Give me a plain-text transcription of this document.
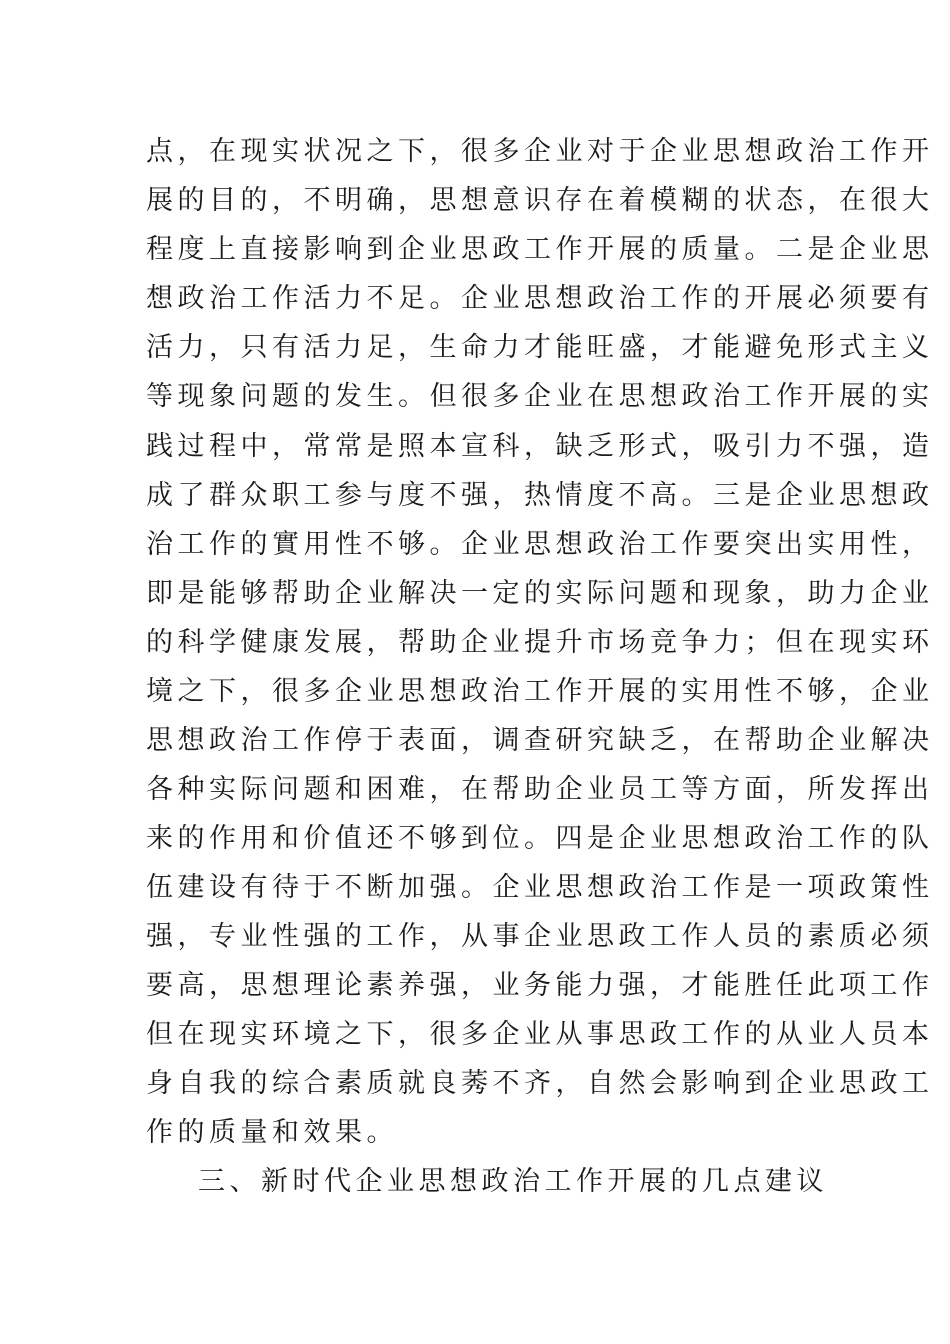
点，在现实状况之下，很多企业对于企业思想政治工作开
展的目的，不明确，思想意识存在着模糊的状态，在很大
程度上直接影响到企业思政工作开展的质量。二是企业思
想政治工作活力不足。企业思想政治工作的开展必须要有
活力，只有活力足，生命力才能旺盛，才能避免形式主义
等现象问题的发生。但很多企业在思想政治工作开展的实
践过程中，常常是照本宣科，缺乏形式，吸引力不强，造
成了群众职工参与度不强，热情度不高。三是企业思想政
治工作的實用性不够。企业思想政治工作要突出实用性，
即是能够帮助企业解决一定的实际问题和现象，助力企业
的科学健康发展，帮助企业提升市场竞争力；但在现实环
境之下，很多企业思想政治工作开展的实用性不够，企业
思想政治工作停于表面，调查研究缺乏，在帮助企业解决
各种实际问题和困难，在帮助企业员工等方面，所发挥出
来的作用和价值还不够到位。四是企业思想政治工作的队
伍建设有待于不断加强。企业思想政治工作是一项政策性
强，专业性强的工作，从事企业思政工作人员的素质必须
要高，思想理论素养强，业务能力强，才能胜任此项工作
但在现实环境之下，很多企业从事思政工作的从业人员本
身自我的综合素质就良莠不齐，自然会影响到企业思政工
作的质量和效果。
三、新时代企业思想政治工作开展的几点建议
